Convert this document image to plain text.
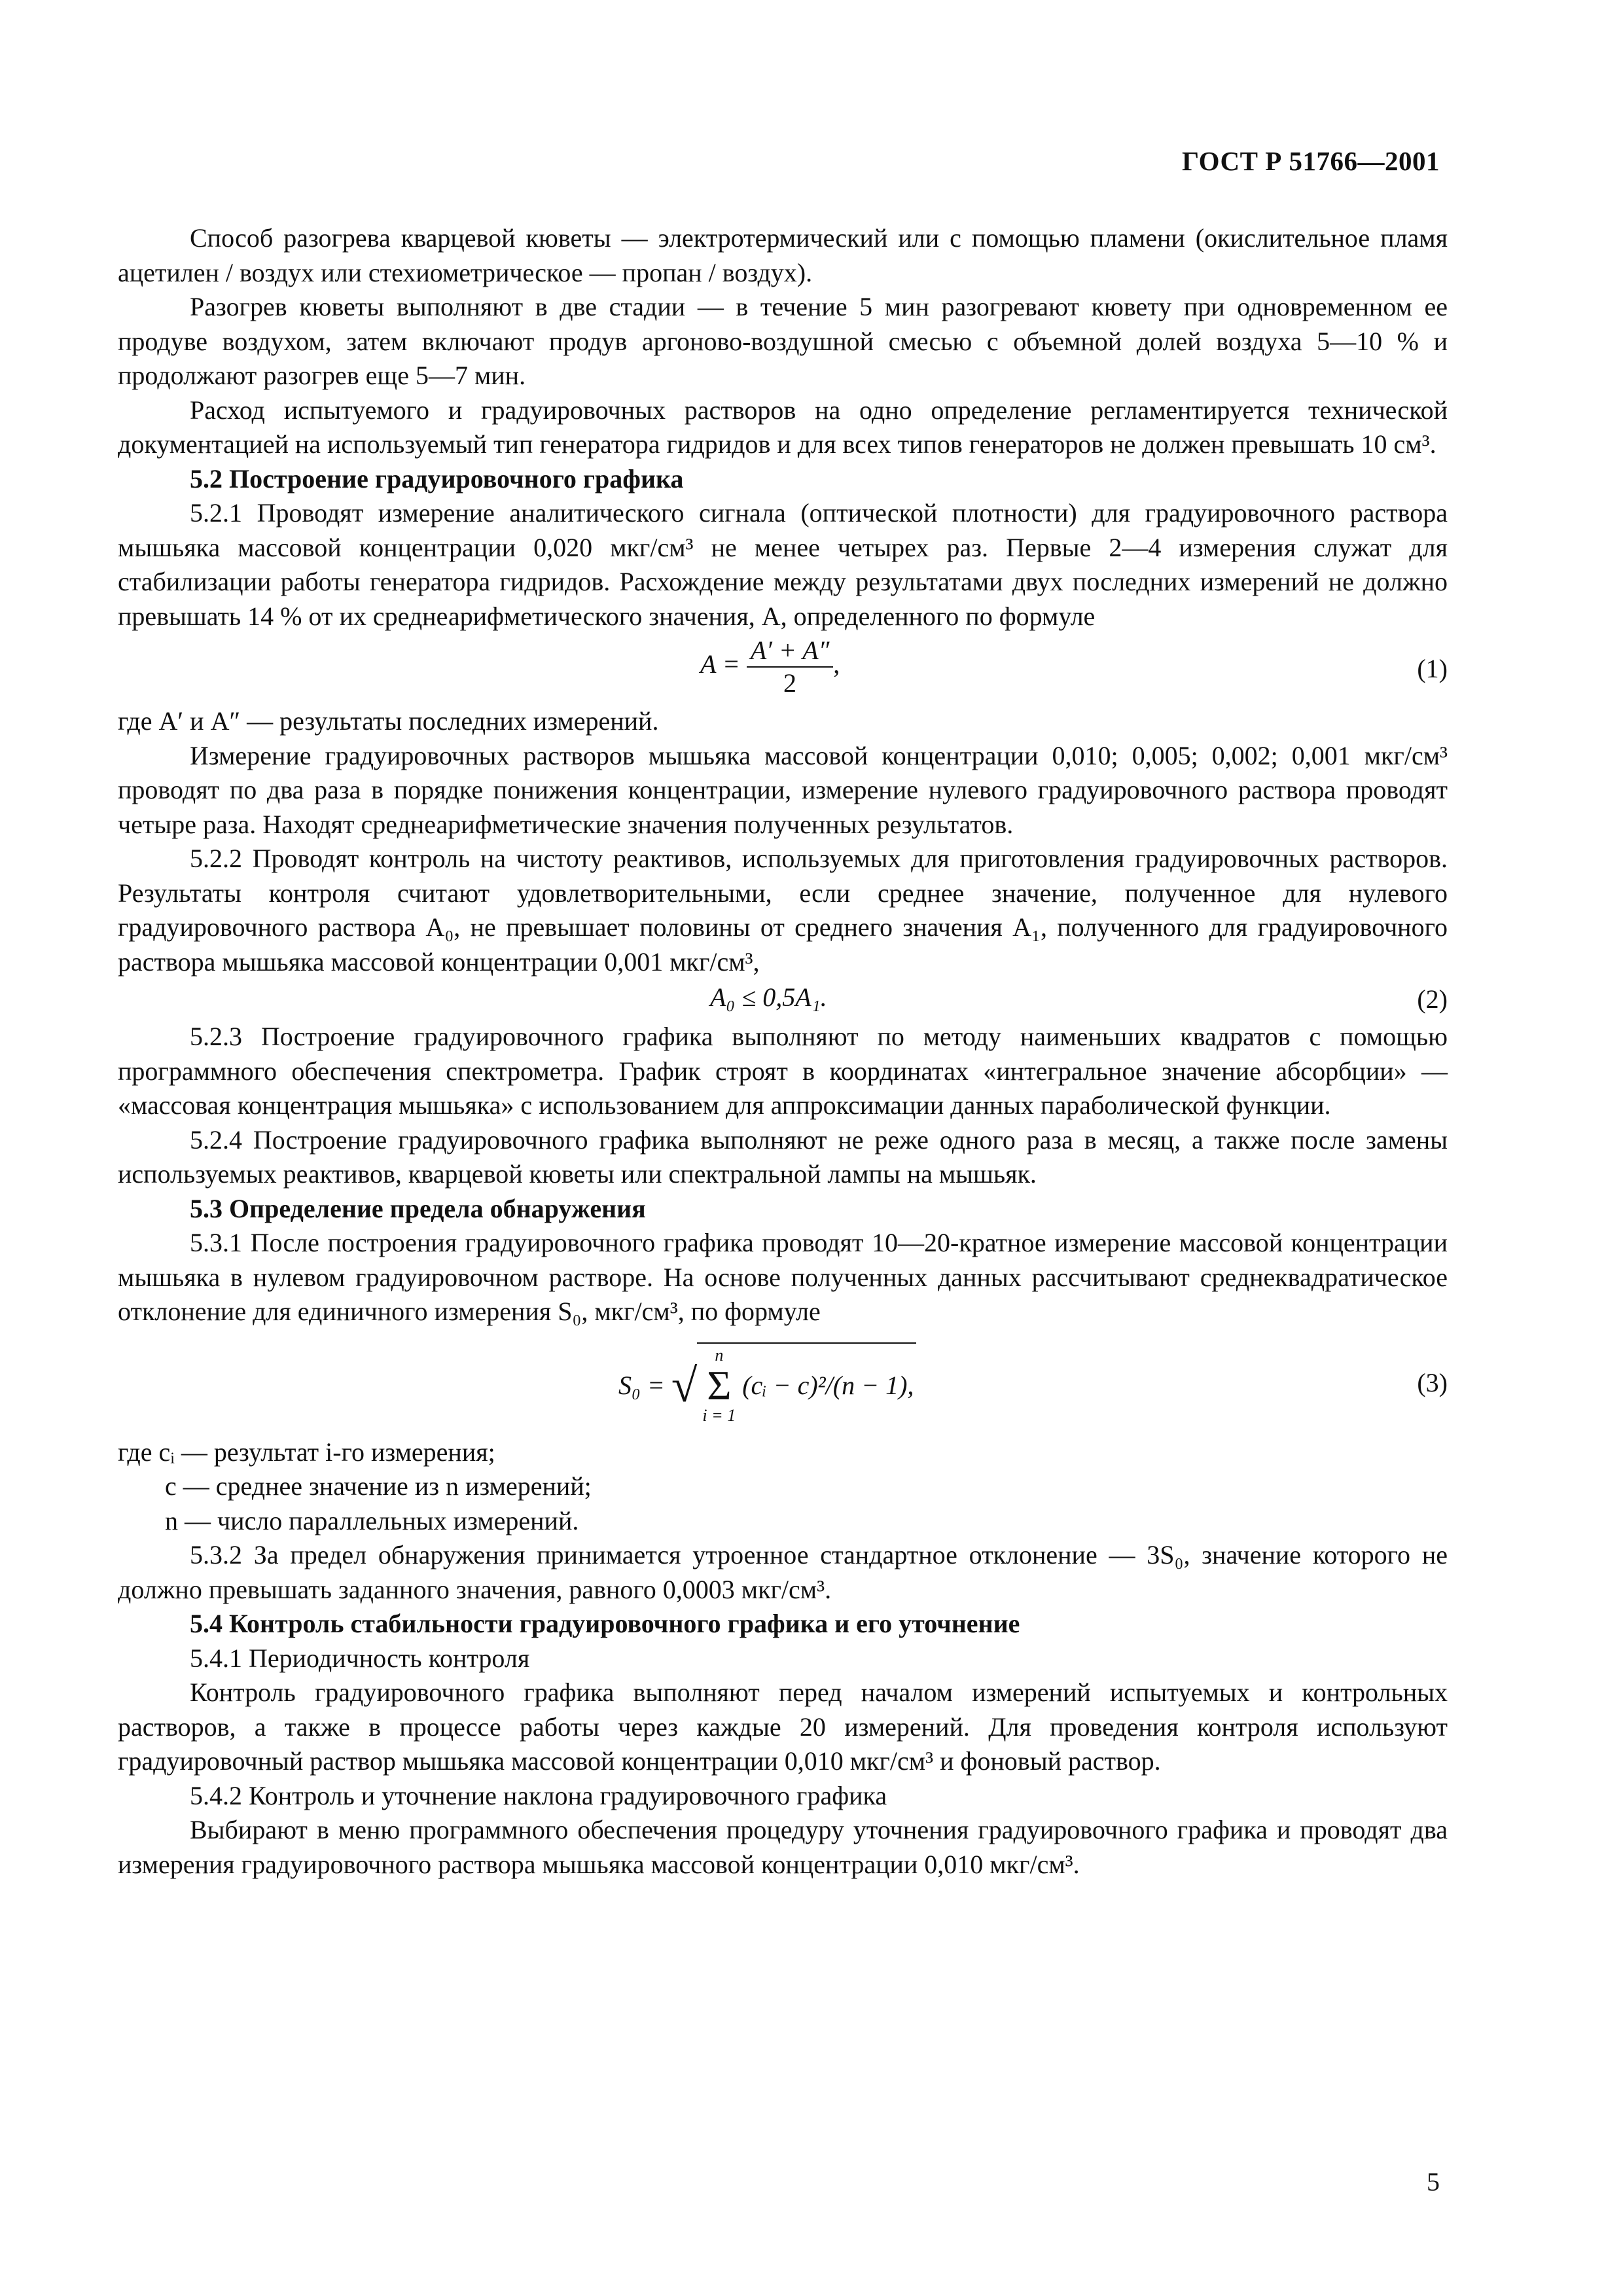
ГОСТ Р 51766—2001

Способ разогрева кварцевой кюветы — электротермический или с помощью пламени (окислительное пламя ацетилен / воздух или стехиометрическое — пропан / воздух).

Разогрев кюветы выполняют в две стадии — в течение 5 мин разогревают кювету при одновременном ее продуве воздухом, затем включают продув аргоново-воздушной смесью с объемной долей воздуха 5—10 % и продолжают разогрев еще 5—7 мин.

Расход испытуемого и градуировочных растворов на одно определение регламентируется технической документацией на используемый тип генератора гидридов и для всех типов генераторов не должен превышать 10 см³.

5.2 Построение градуировочного графика

5.2.1 Проводят измерение аналитического сигнала (оптической плотности) для градуировочного раствора мышьяка массовой концентрации 0,020 мкг/см³ не менее четырех раз. Первые 2—4 измерения служат для стабилизации работы генератора гидридов. Расхождение между результатами двух последних измерений не должно превышать 14 % от их среднеарифметического значения, A, определенного по формуле

$A = \frac{A' + A''}{2}$ ,	(1)

где A′ и A″ — результаты последних измерений.

Измерение градуировочных растворов мышьяка массовой концентрации 0,010; 0,005; 0,002; 0,001 мкг/см³ проводят по два раза в порядке понижения концентрации, измерение нулевого градуировочного раствора проводят четыре раза. Находят среднеарифметические значения полученных результатов.

5.2.2 Проводят контроль на чистоту реактивов, используемых для приготовления градуировочных растворов. Результаты контроля считают удовлетворительными, если среднее значение, полученное для нулевого градуировочного раствора A₀, не превышает половины от среднего значения A₁, полученного для градуировочного раствора мышьяка массовой концентрации 0,001 мкг/см³,

A₀ ≤ 0,5A₁.	(2)

5.2.3 Построение градуировочного графика выполняют по методу наименьших квадратов с помощью программного обеспечения спектрометра. График строят в координатах «интегральное значение абсорбции» — «массовая концентрация мышьяка» с использованием для аппроксимации данных параболической функции.

5.2.4 Построение градуировочного графика выполняют не реже одного раза в месяц, а также после замены используемых реактивов, кварцевой кюветы или спектральной лампы на мышьяк.

5.3 Определение предела обнаружения

5.3.1 После построения градуировочного графика проводят 10—20-кратное измерение массовой концентрации мышьяка в нулевом градуировочном растворе. На основе полученных данных рассчитывают среднеквадратическое отклонение для единичного измерения S₀, мкг/см³, по формуле

S₀ = √
n
Σ
i = 1
(cᵢ − c)²/(n − 1),	(3)

где cᵢ — результат i-го измерения;

c — среднее значение из n измерений;

n — число параллельных измерений.

5.3.2 За предел обнаружения принимается утроенное стандартное отклонение — 3S₀, значение которого не должно превышать заданного значения, равного 0,0003 мкг/см³.

5.4 Контроль стабильности градуировочного графика и его уточнение

5.4.1 Периодичность контроля

Контроль градуировочного графика выполняют перед началом измерений испытуемых и контрольных растворов, а также в процессе работы через каждые 20 измерений. Для проведения контроля используют градуировочный раствор мышьяка массовой концентрации 0,010 мкг/см³ и фоновый раствор.

5.4.2 Контроль и уточнение наклона градуировочного графика

Выбирают в меню программного обеспечения процедуру уточнения градуировочного графика и проводят два измерения градуировочного раствора мышьяка массовой концентрации 0,010 мкг/см³.

5
